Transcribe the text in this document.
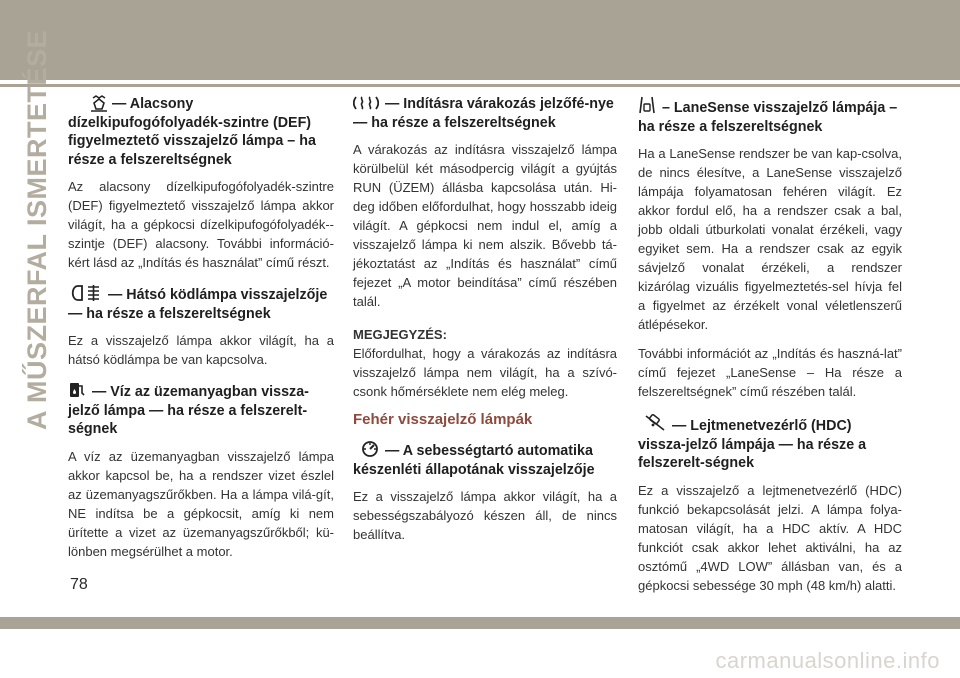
A MŰSZERFAL ISMERTETÉSE	— Alacsony dízelkipufogófolyadék-szintre (DEF) figyelmeztető visszajelző lámpa – ha része a felszereltségnek

Az alacsony dízelkipufogófolyadék-szintre (DEF) figyelmeztető visszajelző lámpa akkor világít, ha a gépkocsi dízelkipufogófolyadék--szintje (DEF) alacsony. További információ-kért lásd az „Indítás és használat” című részt.

— Hátsó ködlámpa visszajelzője — ha része a felszereltségnek

Ez a visszajelző lámpa akkor világít, ha a hátsó ködlámpa be van kapcsolva.

— Víz az üzemanyagban vissza-jelző lámpa — ha része a felszerelt-ségnek

A víz az üzemanyagban visszajelző lámpa akkor kapcsol be, ha a rendszer vizet észlel az üzemanyagszűrőkben. Ha a lámpa vilá-gít, NE indítsa be a gépkocsit, amíg ki nem ürítette a vizet az üzemanyagszűrőkből; kü-lönben megsérülhet a motor.

— Indításra várakozás jelzőfé-nye — ha része a felszereltségnek

A várakozás az indításra visszajelző lámpa körülbelül két másodpercig világít a gyújtás RUN (ÜZEM) állásba kapcsolása után. Hi-deg időben előfordulhat, hogy hosszabb ideig világít. A gépkocsi nem indul el, amíg a visszajelző lámpa ki nem alszik. Bővebb tá-jékoztatást az „Indítás és használat” című fejezet „A motor beindítása” című részében talál.

MEGJEGYZÉS:

Előfordulhat, hogy a várakozás az indításra visszajelző lámpa nem világít, ha a szívó-csonk hőmérséklete nem elég meleg.

Fehér visszajelző lámpák
— A sebességtartó automatika készenléti állapotának visszajelzője

Ez a visszajelző lámpa akkor világít, ha a sebességszabályozó készen áll, de nincs beállítva.

– LaneSense visszajelző lámpája – ha része a felszereltségnek

Ha a LaneSense rendszer be van kap-csolva, de nincs élesítve, a LaneSense visszajelző lámpája folyamatosan fehéren világít. Ez akkor fordul elő, ha a rendszer csak a bal, jobb oldali útburkolati vonalat érzékeli, vagy egyiket sem. Ha a rendszer csak az egyik sávjelző vonalat érzékeli, a rendszer kizárólag vizuális figyelmeztetés-sel hívja fel a figyelmet az érzékelt vonal véletlenszerű átlépésekor.

További információt az „Indítás és haszná-lat” című fejezet „LaneSense – Ha része a felszereltségnek” című részében talál.

— Lejtmenetvezérlő (HDC) vissza-jelző lámpája — ha része a felszerelt-ségnek

Ez a visszajelző a lejtmenetvezérlő (HDC) funkció bekapcsolását jelzi. A lámpa folya-matosan világít, ha a HDC aktív. A HDC funkciót csak akkor lehet aktiválni, ha az osztómű „4WD LOW” állásban van, és a gépkocsi sebessége 30 mph (48 km/h) alatti.

78
carmanualsonline.info
